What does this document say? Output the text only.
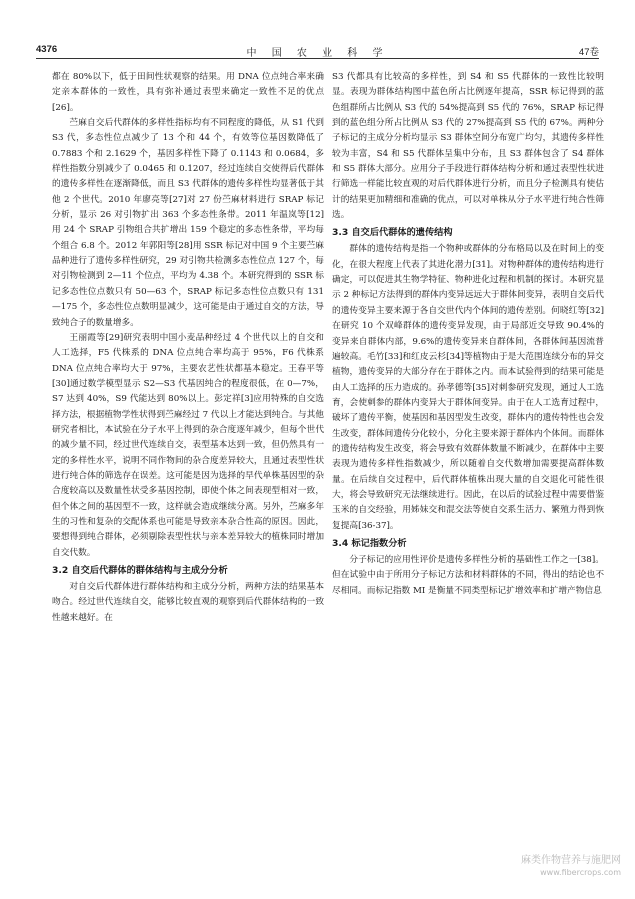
4376	中 国 农 业 科 学	47卷

都在 80%以下，低于田间性状观察的结果。用 DNA 位点纯合率来确定亲本群体的一致性，具有弥补通过表型来确定一致性不足的优点[26]。

苎麻自交后代群体的多样性指标均有不同程度的降低，从 S1 代到 S3 代，多态性位点减少了 13 个和 44 个，有效等位基因数降低了 0.7883 个和 2.1629 个，基因多样性下降了 0.1143 和 0.0684，多样性指数分别减少了 0.0465 和 0.1207，经过连续自交使得后代群体的遗传多样性在逐渐降低，而且 S3 代群体的遗传多样性均显著低于其他 2 个世代。2010 年廖亮等[27]对 27 份苎麻材料进行 SRAP 标记分析，显示 26 对引物扩出 363 个多态性条带。2011 年温岚等[12]用 24 个 SRAP 引物组合共扩增出 159 个稳定的多态性条带，平均每个组合 6.8 个。2012 年郭阳等[28]用 SSR 标记对中国 9 个主要苎麻品种进行了遗传多样性研究，29 对引物共检测多态性位点 127 个，每对引物检测到 2—11 个位点，平均为 4.38 个。本研究得到的 SSR 标记多态性位点数只有 50—63 个，SRAP 标记多态性位点数只有 131—175 个，多态性位点数明显减少，这可能是由于通过自交的方法，导致纯合子的数量增多。

王丽霞等[29]研究表明中国小麦品种经过 4 个世代以上的自交和人工选择，F5 代株系的 DNA 位点纯合率均高于 95%，F6 代株系 DNA 位点纯合率均大于 97%，主要农艺性状都基本稳定。王春平等[30]通过数学模型显示 S2—S3 代基因纯合的程度很低，在 0—7%，S7 达到 40%，S9 代能达到 80%以上。彭定祥[3]应用特殊的自交选择方法，根据植物学性状得到苎麻经过 7 代以上才能达到纯合。与其他研究者相比，本试验在分子水平上得到的杂合度逐年减少，但每个世代的减少量不同，经过世代连续自交，表型基本达到一致，但仍然具有一定的多样性水平，说明不同作物间的杂合度差异较大，且通过表型性状进行纯合体的筛选存在误差。这可能是因为选择的早代单株基因型的杂合度较高以及数量性状受多基因控制，即使个体之间表现型相对一致，但个体之间的基因型不一致，这样就会造成继续分离。另外，苎麻多年生的习性和复杂的交配体系也可能是导致亲本杂合性高的原因。因此，要想得到纯合群体，必须剔除表型性状与亲本差异较大的植株同时增加自交代数。

3.2 自交后代群体的群体结构与主成分分析

对自交后代群体进行群体结构和主成分分析，两种方法的结果基本吻合。经过世代连续自交，能够比较直观的观察到后代群体结构的一致性越来越好。在

S3 代都具有比较高的多样性，到 S4 和 S5 代群体的一致性比较明显。表现为群体结构图中蓝色所占比例逐年提高，SSR 标记得到的蓝色组群所占比例从 S3 代的 54%提高到 S5 代的 76%，SRAP 标记得到的蓝色组分所占比例从 S3 代的 27%提高到 S5 代的 67%。两种分子标记的主成分分析均显示 S3 群体空间分布宽广均匀，其遗传多样性较为丰富，S4 和 S5 代群体呈集中分布，且 S3 群体包含了 S4 群体和 S5 群体大部分。应用分子手段进行群体结构分析和通过表型性状进行筛选一样能比较直观的对后代群体进行分析，而且分子检测具有使估计的结果更加精细和准确的优点，可以对单株从分子水平进行纯合性筛选。

3.3 自交后代群体的遗传结构

群体的遗传结构是指一个物种或群体的分布格局以及在时间上的变化，在很大程度上代表了其进化潜力[31]。对物种群体的遗传结构进行确定，可以促进其生物学特征、物种进化过程和机制的探讨。本研究显示 2 种标记方法得到的群体内变异远远大于群体间变异，表明自交后代的遗传变异主要来源于各自交世代内个体间的遗传差别。何晓红等[32]在研究 10 个双峰群体的遗传变异发现，由于局部近交导致 90.4%的变异来自群体内部，9.6%的遗传变异来自群体间，各群体间基因流普遍较高。毛竹[33]和红皮云杉[34]等植物由于是大范围连续分布的异交植物，遗传变异的大部分存在于群体之内。而本试验得到的结果可能是由人工选择的压力造成的。孙孝德等[35]对刺参研究发现，通过人工选育，会使刺参的群体内变异大于群体间变异。由于在人工选育过程中，破坏了遗传平衡，使基因和基因型发生改变，群体内的遗传特性也会发生改变，群体间遗传分化较小，分化主要来源于群体内个体间。而群体的遗传结构发生改变，将会导致有效群体数量不断减少，在群体中主要表现为遗传多样性指数减少，所以随着自交代数增加需要提高群体数量。在后续自交过程中，后代群体植株出现大量的自交退化可能性很大，将会导致研究无法继续进行。因此，在以后的试验过程中需要借鉴玉米的自交经验，用姊妹交和混交法等使自交系生活力、繁殖力得到恢复提高[36-37]。

3.4 标记指数分析

分子标记的应用性评价是遗传多样性分析的基础性工作之一[38]。但在试验中由于所用分子标记方法和材料群体的不同，得出的结论也不尽相同。而标记指数 MI 是衡量不同类型标记扩增效率和扩增产物信息

麻类作物营养与施肥网
www.fibercrops.com
